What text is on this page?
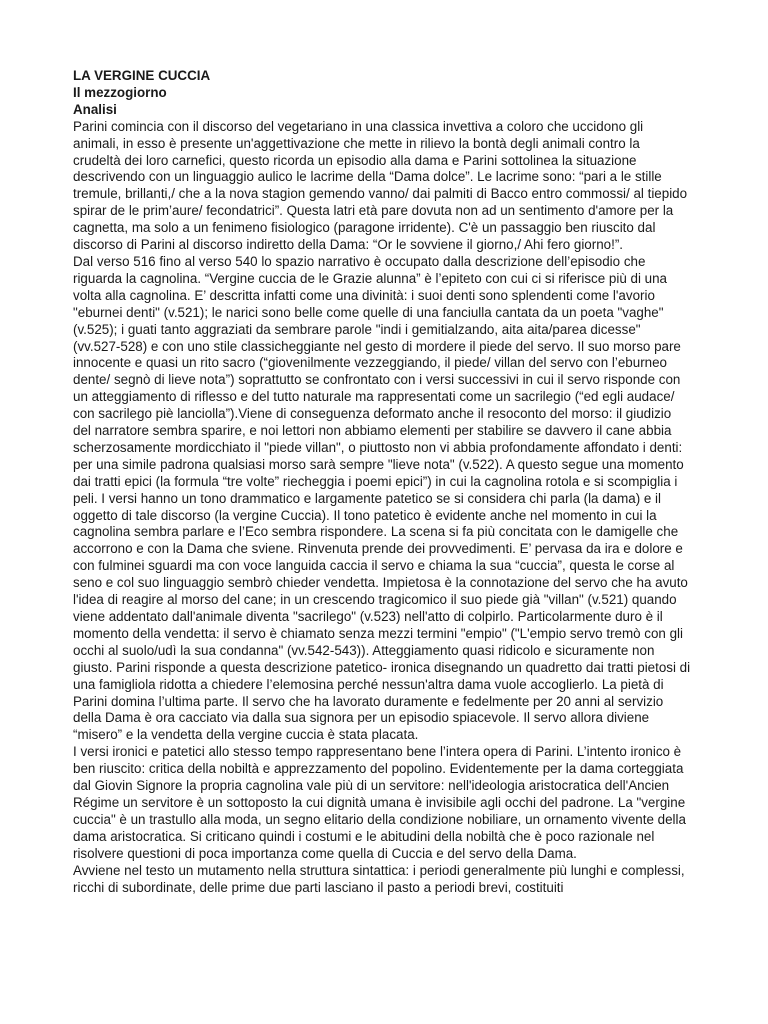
LA VERGINE CUCCIA
Il mezzogiorno
Analisi

Parini comincia con il discorso del vegetariano in una classica invettiva a coloro che uccidono gli animali, in esso è presente un'aggettivazione che mette in rilievo la bontà degli animali contro la crudeltà dei loro carnefici, questo ricorda un episodio alla dama e Parini sottolinea la situazione descrivendo con un linguaggio aulico le lacrime della “Dama dolce”. Le lacrime sono: “pari a le stille tremule, brillanti,/ che a la nova stagion gemendo vanno/ dai palmiti di Bacco entro commossi/ al tiepido spirar de le prim’aure/ fecondatrici”. Questa latri età pare dovuta non ad un sentimento d'amore per la cagnetta, ma solo a un fenimeno fisiologico (paragone irridente). C'è un passaggio ben riuscito dal discorso di Parini al discorso indiretto della Dama: “Or le sovviene il giorno,/ Ahi fero giorno!”.

Dal verso 516 fino al verso 540 lo spazio narrativo è occupato dalla descrizione dell’episodio che riguarda la cagnolina. “Vergine cuccia de le Grazie alunna” è l’epiteto con cui ci si riferisce più di una volta alla cagnolina. E’ descritta infatti come una divinità: i suoi denti sono splendenti come l'avorio "eburnei denti" (v.521); le narici sono belle come quelle di una fanciulla cantata da un poeta "vaghe" (v.525); i guati tanto aggraziati da sembrare parole "indi i gemitialzando, aita aita/parea dicesse" (vv.527-528) e con uno stile classicheggiante nel gesto di mordere il piede del servo. Il suo morso pare innocente e quasi un rito sacro (“giovenilmente vezzeggiando, il piede/ villan del servo con l’eburneo dente/ segnò di lieve nota”) soprattutto se confrontato con i versi successivi in cui il servo risponde con un atteggiamento di riflesso e del tutto naturale ma rappresentati come un sacrilegio (“ed egli audace/ con sacrilego piè lanciolla”).Viene di conseguenza deformato anche il resoconto del morso: il giudizio del narratore sembra sparire, e noi lettori non abbiamo elementi per stabilire se davvero il cane abbia scherzosamente mordicchiato il "piede villan", o piuttosto non vi abbia profondamente affondato i denti: per una simile padrona qualsiasi morso sarà sempre "lieve nota" (v.522). A questo segue una momento dai tratti epici (la formula “tre volte” riecheggia i poemi epici”) in cui la cagnolina rotola e si scompiglia i peli. I versi hanno un tono drammatico e largamente patetico se si considera chi parla (la dama) e il oggetto di tale discorso (la vergine Cuccia). Il tono patetico è evidente anche nel momento in cui la cagnolina sembra parlare e l’Eco sembra rispondere. La scena si fa più concitata con le damigelle che accorrono e con la Dama che sviene. Rinvenuta prende dei provvedimenti. E’ pervasa da ira e dolore e con fulminei sguardi ma con voce languida caccia il servo e chiama la sua “cuccia”, questa le corse al seno e col suo linguaggio sembrò chieder vendetta. Impietosa è la connotazione del servo che ha avuto l'idea di reagire al morso del cane; in un crescendo tragicomico il suo piede già "villan" (v.521) quando viene addentato dall'animale diventa "sacrilego" (v.523) nell'atto di colpirlo. Particolarmente duro è il momento della vendetta: il servo è chiamato senza mezzi termini "empio" ("L'empio servo tremò con gli occhi al suolo/udì la sua condanna" (vv.542-543)). Atteggiamento quasi ridicolo e sicuramente non giusto. Parini risponde a questa descrizione patetico- ironica disegnando un quadretto dai tratti pietosi di una famigliola ridotta a chiedere l’elemosina perché nessun'altra dama vuole accoglierlo. La pietà di Parini domina l’ultima parte. Il servo che ha lavorato duramente e fedelmente per 20 anni al servizio della Dama è ora cacciato via dalla sua signora per un episodio spiacevole. Il servo allora diviene “misero” e la vendetta della vergine cuccia è stata placata.

I versi ironici e patetici allo stesso tempo rappresentano bene l’intera opera di Parini. L’intento ironico è ben riuscito: critica della nobiltà e apprezzamento del popolino. Evidentemente per la dama corteggiata dal Giovin Signore la propria cagnolina vale più di un servitore: nell'ideologia aristocratica dell'Ancien Régime un servitore è un sottoposto la cui dignità umana è invisibile agli occhi del padrone. La "vergine cuccia" è un trastullo alla moda, un segno elitario della condizione nobiliare, un ornamento vivente della dama aristocratica. Si criticano quindi i costumi e le abitudini della nobiltà che è poco razionale nel risolvere questioni di poca importanza come quella di Cuccia e del servo della Dama.

Avviene nel testo un mutamento nella struttura sintattica: i periodi generalmente più lunghi e complessi, ricchi di subordinate, delle prime due parti lasciano il pasto a periodi brevi, costituiti
